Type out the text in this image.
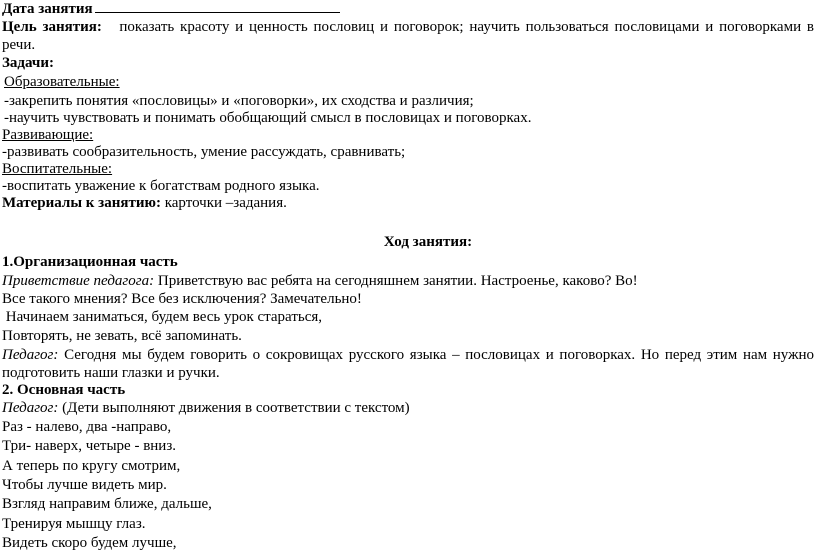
Дата занятия
Цель занятия: показать красоту и ценность пословиц и поговорок; научить пользоваться пословицами и поговорками в речи.
Задачи:
Образовательные:
-закрепить понятия «пословицы» и «поговорки», их сходства и различия;
-научить чувствовать и понимать обобщающий смысл в пословицах и поговорках.
Развивающие:
-развивать сообразительность, умение рассуждать, сравнивать;
Воспитательные:
-воспитать уважение к богатствам родного языка.
Материалы к занятию: карточки –задания.
Ход занятия:
1.Организационная часть
Приветствие педагога: Приветствую вас ребята на сегодняшнем занятии. Настроенье, каково? Во!
Все такого мнения? Все без исключения? Замечательно!
Начинаем заниматься, будем весь урок стараться,
Повторять, не зевать, всё запоминать.
Педагог: Сегодня мы будем говорить о сокровищах русского языка – пословицах и поговорках. Но перед этим нам нужно подготовить наши глазки и ручки.
2. Основная часть
Педагог: (Дети выполняют движения в соответствии с текстом)
Раз - налево, два -направо,
Три- наверх, четыре - вниз.
А теперь по кругу смотрим,
Чтобы лучше видеть мир.
Взгляд направим ближе, дальше,
Тренируя мышцу глаз.
Видеть скоро будем лучше,
